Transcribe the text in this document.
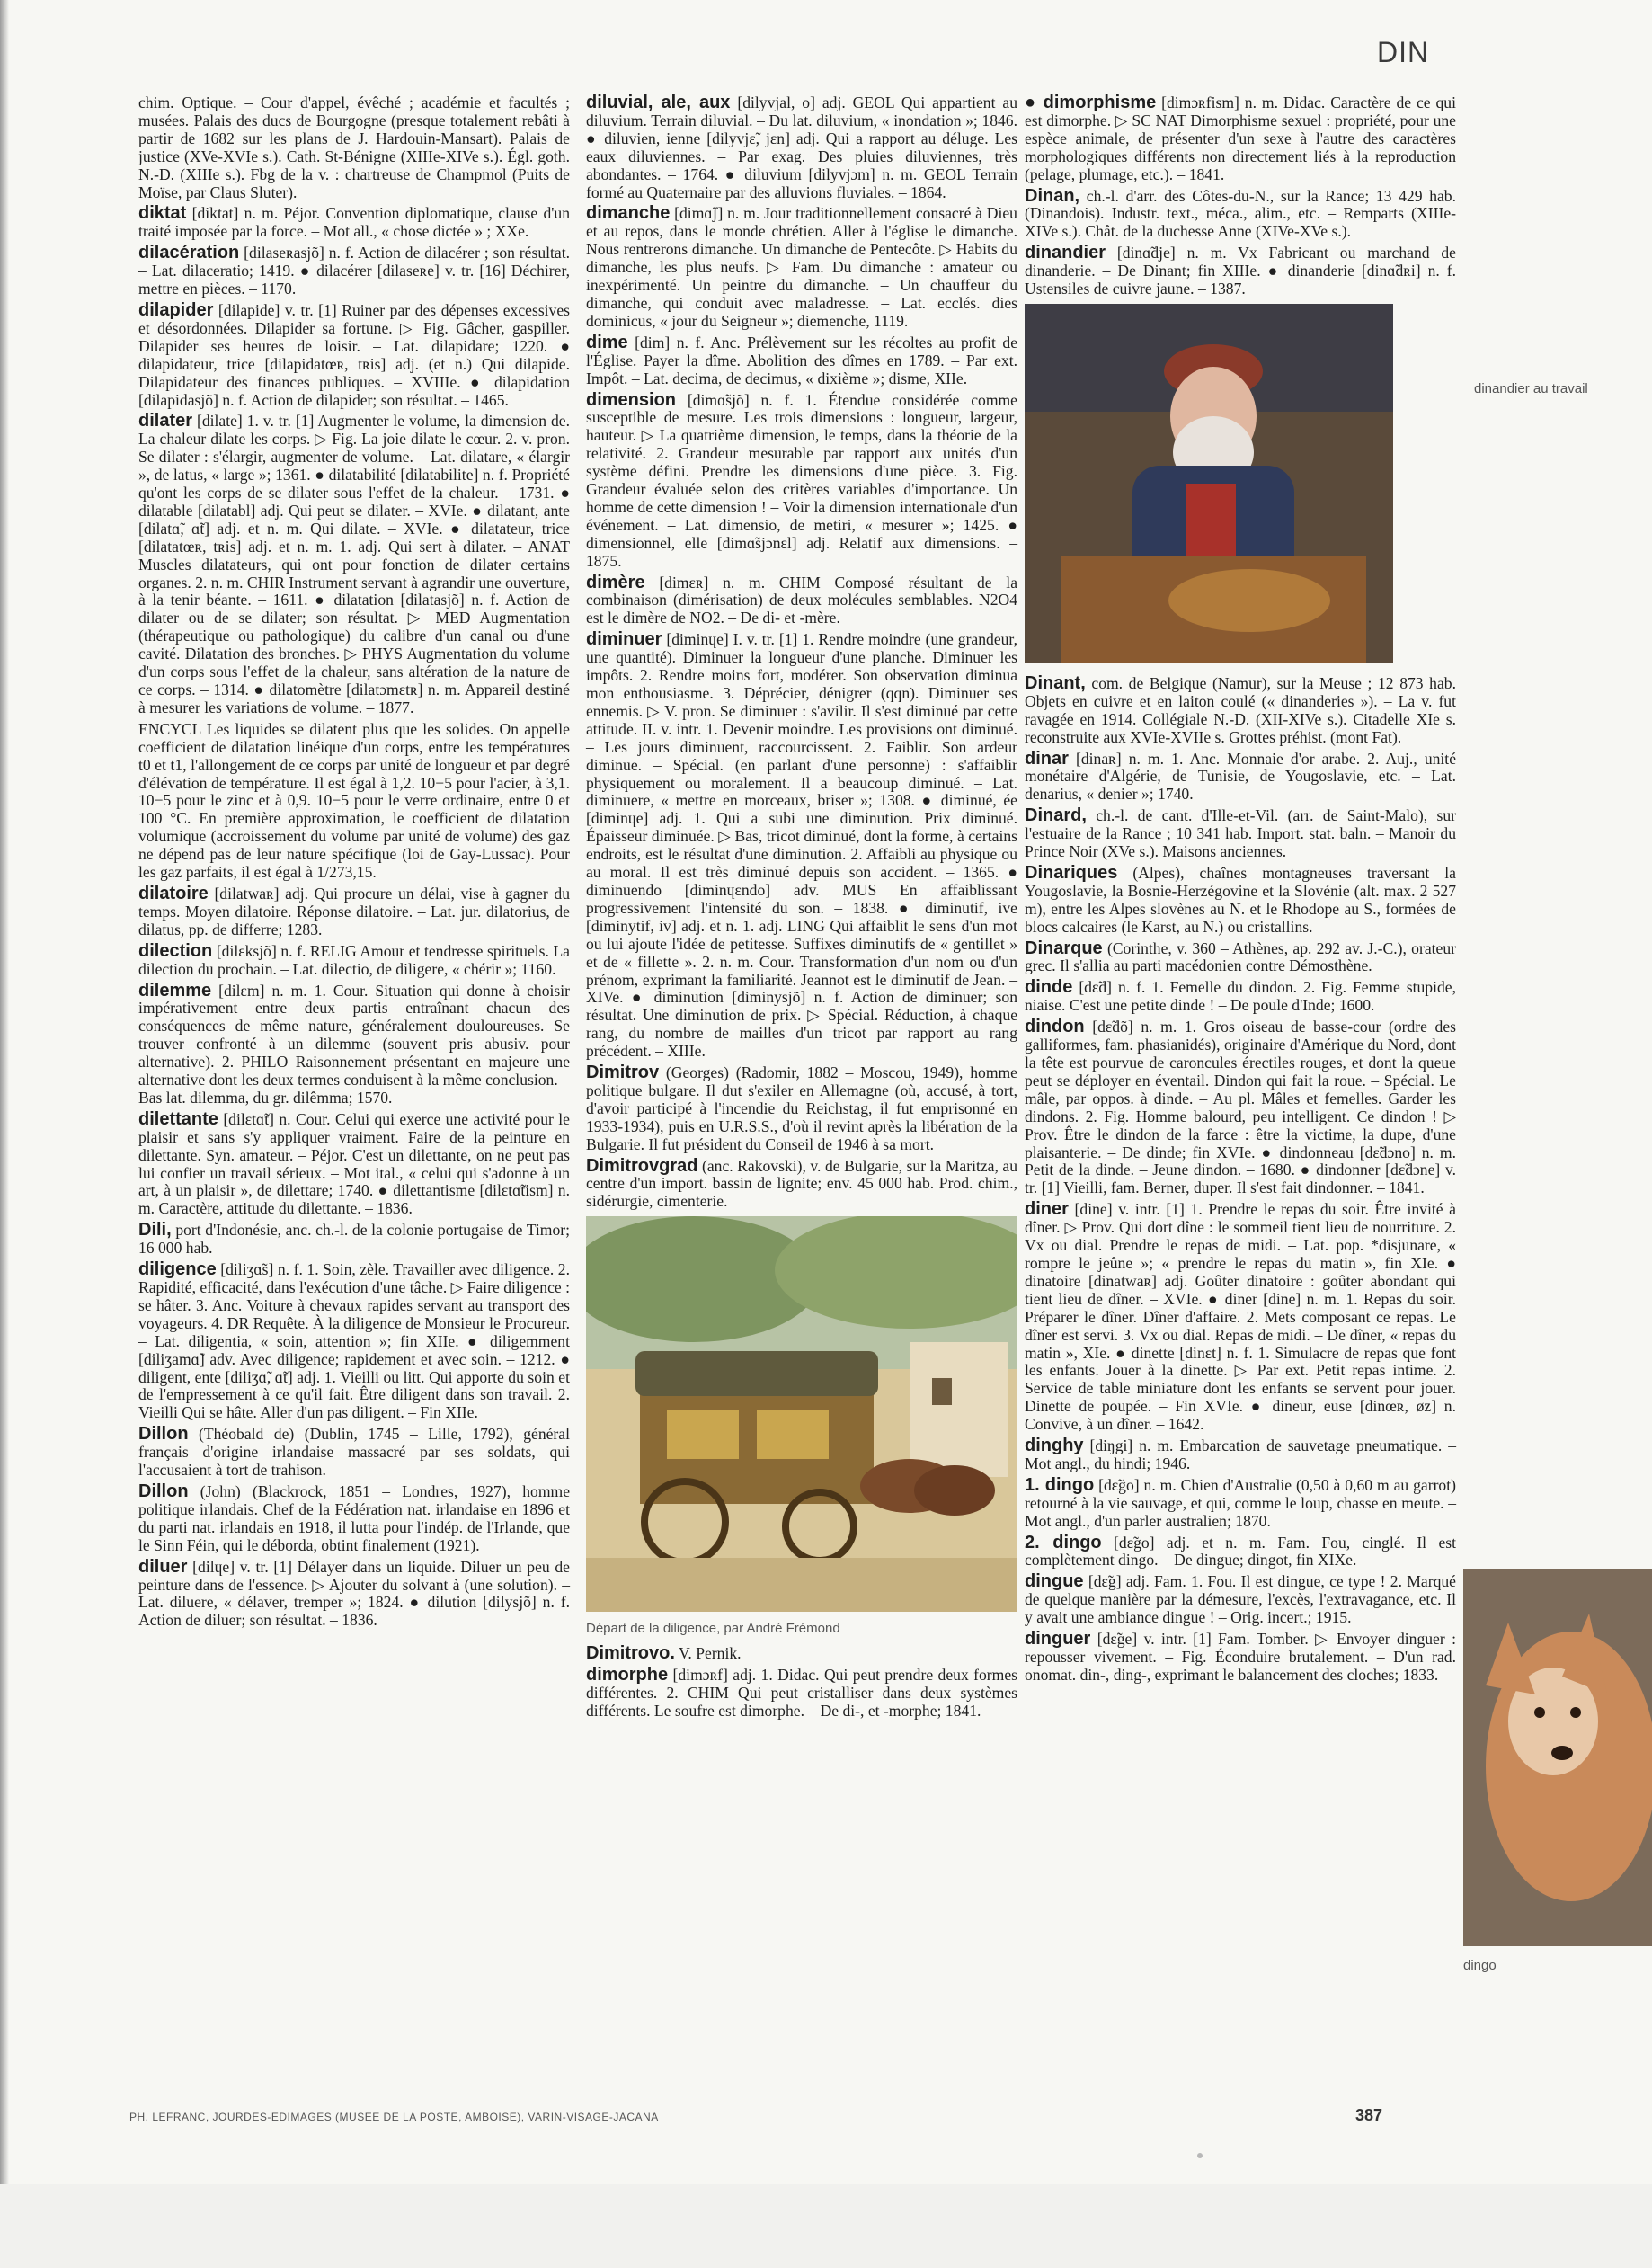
DIN

chim. Optique. – Cour d'appel, évêché ; académie et facultés ; musées. Palais des ducs de Bourgogne (presque totalement rebâti à partir de 1682 sur les plans de J. Hardouin-Mansart). Palais de justice (XVe-XVIe s.). Cath. St-Bénigne (XIIIe-XIVe s.). Égl. goth. N.-D. (XIIIe s.). Fbg de la v. : chartreuse de Champmol (Puits de Moïse, par Claus Sluter).

diktat [diktat] n. m. Péjor. Convention diplomatique, clause d'un traité imposée par la force. – Mot all., « chose dictée » ; XXe.

dilacération [dilaseʀasjõ] n. f. Action de dilacérer ; son résultat. – Lat. dilaceratio; 1419. ● dilacérer [dilaseʀe] v. tr. [16] Déchirer, mettre en pièces. – 1170.

dilapider [dilapide] v. tr. [1] Ruiner par des dépenses excessives et désordonnées. Dilapider sa fortune. ▷ Fig. Gâcher, gaspiller. Dilapider ses heures de loisir. – Lat. dilapidare; 1220. ● dilapidateur, trice [dilapidatœʀ, tʀis] adj. (et n.) Qui dilapide. Dilapidateur des finances publiques. – XVIIIe. ● dilapidation [dilapidasjõ] n. f. Action de dilapider; son résultat. – 1465.

dilater [dilate] 1. v. tr. [1] Augmenter le volume, la dimension de. La chaleur dilate les corps. ▷ Fig. La joie dilate le cœur. 2. v. pron. Se dilater : s'élargir, augmenter de volume. – Lat. dilatare, « élargir », de latus, « large »; 1361. ● dilatabilité [dilatabilite] n. f. Propriété qu'ont les corps de se dilater sous l'effet de la chaleur. – 1731. ● dilatable [dilatabl] adj. Qui peut se dilater. – XVIe. ● dilatant, ante [dilatɑ̃, ɑ̃t] adj. et n. m. Qui dilate. – XVIe. ● dilatateur, trice [dilatatœʀ, tʀis] adj. et n. m. 1. adj. Qui sert à dilater. – ANAT Muscles dilatateurs, qui ont pour fonction de dilater certains organes. 2. n. m. CHIR Instrument servant à agrandir une ouverture, à la tenir béante. – 1611. ● dilatation [dilatasjõ] n. f. Action de dilater ou de se dilater; son résultat. ▷ MED Augmentation (thérapeutique ou pathologique) du calibre d'un canal ou d'une cavité. Dilatation des bronches. ▷ PHYS Augmentation du volume d'un corps sous l'effet de la chaleur, sans altération de la nature de ce corps. – 1314. ● dilatomètre [dilatɔmɛtʀ] n. m. Appareil destiné à mesurer les variations de volume. – 1877.

ENCYCL Les liquides se dilatent plus que les solides. On appelle coefficient de dilatation linéique d'un corps, entre les températures t0 et t1, l'allongement de ce corps par unité de longueur et par degré d'élévation de température. Il est égal à 1,2. 10−5 pour l'acier, à 3,1. 10−5 pour le zinc et à 0,9. 10−5 pour le verre ordinaire, entre 0 et 100 °C. En première approximation, le coefficient de dilatation volumique (accroissement du volume par unité de volume) des gaz ne dépend pas de leur nature spécifique (loi de Gay-Lussac). Pour les gaz parfaits, il est égal à 1/273,15.

dilatoire [dilatwaʀ] adj. Qui procure un délai, vise à gagner du temps. Moyen dilatoire. Réponse dilatoire. – Lat. jur. dilatorius, de dilatus, pp. de differre; 1283.

dilection [dilɛksjõ] n. f. RELIG Amour et tendresse spirituels. La dilection du prochain. – Lat. dilectio, de diligere, « chérir »; 1160.

dilemme [dilɛm] n. m. 1. Cour. Situation qui donne à choisir impérativement entre deux partis entraînant chacun des conséquences de même nature, généralement douloureuses. Se trouver confronté à un dilemme (souvent pris abusiv. pour alternative). 2. PHILO Raisonnement présentant en majeure une alternative dont les deux termes conduisent à la même conclusion. – Bas lat. dilemma, du gr. dilêmma; 1570.

dilettante [dilɛtɑ̃t] n. Cour. Celui qui exerce une activité pour le plaisir et sans s'y appliquer vraiment. Faire de la peinture en dilettante. Syn. amateur. – Péjor. C'est un dilettante, on ne peut pas lui confier un travail sérieux. – Mot ital., « celui qui s'adonne à un art, à un plaisir », de dilettare; 1740. ● dilettantisme [dilɛtɑ̃tism] n. m. Caractère, attitude du dilettante. – 1836.

Dili, port d'Indonésie, anc. ch.-l. de la colonie portugaise de Timor; 16 000 hab.

diligence [diliʒɑ̃s] n. f. 1. Soin, zèle. Travailler avec diligence. 2. Rapidité, efficacité, dans l'exécution d'une tâche. ▷ Faire diligence : se hâter. 3. Anc. Voiture à chevaux rapides servant au transport des voyageurs. 4. DR Requête. À la diligence de Monsieur le Procureur. – Lat. diligentia, « soin, attention »; fin XIIe. ● diligemment [diliʒamɑ̃] adv. Avec diligence; rapidement et avec soin. – 1212. ● diligent, ente [diliʒɑ̃, ɑ̃t] adj. 1. Vieilli ou litt. Qui apporte du soin et de l'empressement à ce qu'il fait. Être diligent dans son travail. 2. Vieilli Qui se hâte. Aller d'un pas diligent. – Fin XIIe.

Dillon (Théobald de) (Dublin, 1745 – Lille, 1792), général français d'origine irlandaise massacré par ses soldats, qui l'accusaient à tort de trahison.

Dillon (John) (Blackrock, 1851 – Londres, 1927), homme politique irlandais. Chef de la Fédération nat. irlandaise en 1896 et du parti nat. irlandais en 1918, il lutta pour l'indép. de l'Irlande, que le Sinn Féin, qui le déborda, obtint finalement (1921).

diluer [dilɥe] v. tr. [1] Délayer dans un liquide. Diluer un peu de peinture dans de l'essence. ▷ Ajouter du solvant à (une solution). – Lat. diluere, « délaver, tremper »; 1824. ● dilution [dilysjõ] n. f. Action de diluer; son résultat. – 1836.

diluvial, ale, aux [dilyvjal, o] adj. GEOL Qui appartient au diluvium. Terrain diluvial. – Du lat. diluvium, « inondation »; 1846. ● diluvien, ienne [dilyvjɛ̃, jɛn] adj. Qui a rapport au déluge. Les eaux diluviennes. – Par exag. Des pluies diluviennes, très abondantes. – 1764. ● diluvium [dilyvjɔm] n. m. GEOL Terrain formé au Quaternaire par des alluvions fluviales. – 1864.

dimanche [dimɑ̃ʃ] n. m. Jour traditionnellement consacré à Dieu et au repos, dans le monde chrétien. Aller à l'église le dimanche. Nous rentrerons dimanche. Un dimanche de Pentecôte. ▷ Habits du dimanche, les plus neufs. ▷ Fam. Du dimanche : amateur ou inexpérimenté. Un peintre du dimanche. – Un chauffeur du dimanche, qui conduit avec maladresse. – Lat. ecclés. dies dominicus, « jour du Seigneur »; diemenche, 1119.

dime [dim] n. f. Anc. Prélèvement sur les récoltes au profit de l'Église. Payer la dîme. Abolition des dîmes en 1789. – Par ext. Impôt. – Lat. decima, de decimus, « dixième »; disme, XIIe.

dimension [dimɑ̃sjõ] n. f. 1. Étendue considérée comme susceptible de mesure. Les trois dimensions : longueur, largeur, hauteur. ▷ La quatrième dimension, le temps, dans la théorie de la relativité. 2. Grandeur mesurable par rapport aux unités d'un système défini. Prendre les dimensions d'une pièce. 3. Fig. Grandeur évaluée selon des critères variables d'importance. Un homme de cette dimension ! – Voir la dimension internationale d'un événement. – Lat. dimensio, de metiri, « mesurer »; 1425. ● dimensionnel, elle [dimɑ̃sjɔnɛl] adj. Relatif aux dimensions. – 1875.

dimère [dimɛʀ] n. m. CHIM Composé résultant de la combinaison (dimérisation) de deux molécules semblables. N2O4 est le dimère de NO2. – De di- et -mère.

diminuer [diminɥe] I. v. tr. [1] 1. Rendre moindre (une grandeur, une quantité). Diminuer la longueur d'une planche. Diminuer les impôts. 2. Rendre moins fort, modérer. Son observation diminua mon enthousiasme. 3. Déprécier, dénigrer (qqn). Diminuer ses ennemis. ▷ V. pron. Se diminuer : s'avilir. Il s'est diminué par cette attitude. II. v. intr. 1. Devenir moindre. Les provisions ont diminué. – Les jours diminuent, raccourcissent. 2. Faiblir. Son ardeur diminue. – Spécial. (en parlant d'une personne) : s'affaiblir physiquement ou moralement. Il a beaucoup diminué. – Lat. diminuere, « mettre en morceaux, briser »; 1308. ● diminué, ée [diminɥe] adj. 1. Qui a subi une diminution. Prix diminué. Épaisseur diminuée. ▷ Bas, tricot diminué, dont la forme, à certains endroits, est le résultat d'une diminution. 2. Affaibli au physique ou au moral. Il est très diminué depuis son accident. – 1365. ● diminuendo [diminɥɛndo] adv. MUS En affaiblissant progressivement l'intensité du son. – 1838. ● diminutif, ive [diminytif, iv] adj. et n. 1. adj. LING Qui affaiblit le sens d'un mot ou lui ajoute l'idée de petitesse. Suffixes diminutifs de « gentillet » et de « fillette ». 2. n. m. Cour. Transformation d'un nom ou d'un prénom, exprimant la familiarité. Jeannot est le diminutif de Jean. – XIVe. ● diminution [diminysjõ] n. f. Action de diminuer; son résultat. Une diminution de prix. ▷ Spécial. Réduction, à chaque rang, du nombre de mailles d'un tricot par rapport au rang précédent. – XIIIe.

Dimitrov (Georges) (Radomir, 1882 – Moscou, 1949), homme politique bulgare. Il dut s'exiler en Allemagne (où, accusé, à tort, d'avoir participé à l'incendie du Reichstag, il fut emprisonné en 1933-1934), puis en U.R.S.S., d'où il revint après la libération de la Bulgarie. Il fut président du Conseil de 1946 à sa mort.

Dimitrovgrad (anc. Rakovski), v. de Bulgarie, sur la Maritza, au centre d'un import. bassin de lignite; env. 45 000 hab. Prod. chim., sidérurgie, cimenterie.

Départ de la diligence, par André Frémond

Dimitrovo. V. Pernik.

dimorphe [dimɔʀf] adj. 1. Didac. Qui peut prendre deux formes différentes. 2. CHIM Qui peut cristalliser dans deux systèmes différents. Le soufre est dimorphe. – De di-, et -morphe; 1841.

● dimorphisme [dimɔʀfism] n. m. Didac. Caractère de ce qui est dimorphe. ▷ SC NAT Dimorphisme sexuel : propriété, pour une espèce animale, de présenter d'un sexe à l'autre des caractères morphologiques différents non directement liés à la reproduction (pelage, plumage, etc.). – 1841.

Dinan, ch.-l. d'arr. des Côtes-du-N., sur la Rance; 13 429 hab. (Dinandois). Industr. text., méca., alim., etc. – Remparts (XIIIe-XIVe s.). Chât. de la duchesse Anne (XIVe-XVe s.).

dinandier [dinɑ̃dje] n. m. Vx Fabricant ou marchand de dinanderie. – De Dinant; fin XIIIe. ● dinanderie [dinɑ̃dʀi] n. f. Ustensiles de cuivre jaune. – 1387.

Dinant, com. de Belgique (Namur), sur la Meuse ; 12 873 hab. Objets en cuivre et en laiton coulé (« dinanderies »). – La v. fut ravagée en 1914. Collégiale N.-D. (XII-XIVe s.). Citadelle XIe s. reconstruite aux XVIe-XVIIe s. Grottes préhist. (mont Fat).

dinar [dinaʀ] n. m. 1. Anc. Monnaie d'or arabe. 2. Auj., unité monétaire d'Algérie, de Tunisie, de Yougoslavie, etc. – Lat. denarius, « denier »; 1740.

Dinard, ch.-l. de cant. d'Ille-et-Vil. (arr. de Saint-Malo), sur l'estuaire de la Rance ; 10 341 hab. Import. stat. baln. – Manoir du Prince Noir (XVe s.). Maisons anciennes.

Dinariques (Alpes), chaînes montagneuses traversant la Yougoslavie, la Bosnie-Herzégovine et la Slovénie (alt. max. 2 527 m), entre les Alpes slovènes au N. et le Rhodope au S., formées de blocs calcaires (le Karst, au N.) ou cristallins.

Dinarque (Corinthe, v. 360 – Athènes, ap. 292 av. J.-C.), orateur grec. Il s'allia au parti macédonien contre Démosthène.

dinde [dɛ̃d] n. f. 1. Femelle du dindon. 2. Fig. Femme stupide, niaise. C'est une petite dinde ! – De poule d'Inde; 1600.

dindon [dɛ̃dõ] n. m. 1. Gros oiseau de basse-cour (ordre des galliformes, fam. phasianidés), originaire d'Amérique du Nord, dont la tête est pourvue de caroncules érectiles rouges, et dont la queue peut se déployer en éventail. Dindon qui fait la roue. – Spécial. Le mâle, par oppos. à dinde. – Au pl. Mâles et femelles. Garder les dindons. 2. Fig. Homme balourd, peu intelligent. Ce dindon ! ▷ Prov. Être le dindon de la farce : être la victime, la dupe, d'une plaisanterie. – De dinde; fin XVIe. ● dindonneau [dɛ̃dɔno] n. m. Petit de la dinde. – Jeune dindon. – 1680. ● dindonner [dɛ̃dɔne] v. tr. [1] Vieilli, fam. Berner, duper. Il s'est fait dindonner. – 1841.

diner [dine] v. intr. [1] 1. Prendre le repas du soir. Être invité à dîner. ▷ Prov. Qui dort dîne : le sommeil tient lieu de nourriture. 2. Vx ou dial. Prendre le repas de midi. – Lat. pop. *disjunare, « rompre le jeûne »; « prendre le repas du matin », fin XIe. ● dinatoire [dinatwaʀ] adj. Goûter dinatoire : goûter abondant qui tient lieu de dîner. – XVIe. ● diner [dine] n. m. 1. Repas du soir. Préparer le dîner. Dîner d'affaire. 2. Mets composant ce repas. Le dîner est servi. 3. Vx ou dial. Repas de midi. – De dîner, « repas du matin », XIe. ● dinette [dinɛt] n. f. 1. Simulacre de repas que font les enfants. Jouer à la dinette. ▷ Par ext. Petit repas intime. 2. Service de table miniature dont les enfants se servent pour jouer. Dinette de poupée. – Fin XVIe. ● dineur, euse [dinœʀ, øz] n. Convive, à un dîner. – 1642.

dinghy [diŋgi] n. m. Embarcation de sauvetage pneumatique. – Mot angl., du hindi; 1946.

1. dingo [dɛ̃go] n. m. Chien d'Australie (0,50 à 0,60 m au garrot) retourné à la vie sauvage, et qui, comme le loup, chasse en meute. – Mot angl., d'un parler australien; 1870.

2. dingo [dɛ̃go] adj. et n. m. Fam. Fou, cinglé. Il est complètement dingo. – De dingue; dingot, fin XIXe.

dingue [dɛ̃g] adj. Fam. 1. Fou. Il est dingue, ce type ! 2. Marqué de quelque manière par la démesure, l'excès, l'extravagance, etc. Il y avait une ambiance dingue ! – Orig. incert.; 1915.

dinguer [dɛ̃ge] v. intr. [1] Fam. Tomber. ▷ Envoyer dinguer : repousser vivement. – Fig. Éconduire brutalement. – D'un rad. onomat. din-, ding-, exprimant le balancement des cloches; 1833.

dinandier au travail
dingo
PH. LEFRANC, JOURDES-EDIMAGES (MUSEE DE LA POSTE, AMBOISE), VARIN-VISAGE-JACANA	387
